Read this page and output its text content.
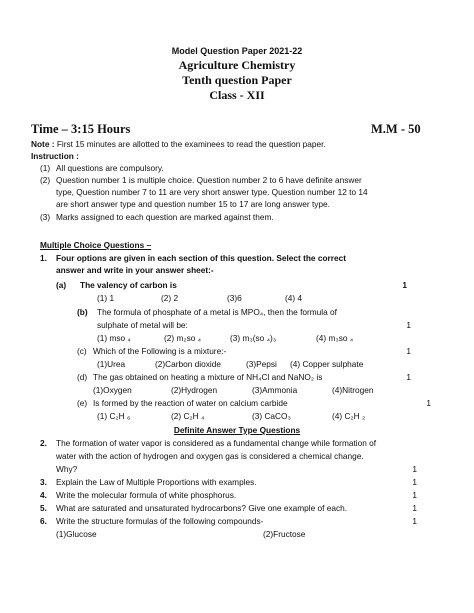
Model Question Paper 2021-22
Agriculture Chemistry
Tenth question Paper
Class - XII
Time – 3:15 Hours	M.M - 50
Note : First 15 minutes are allotted to the examinees to read the question paper.
Instruction :
(1) All questions are compulsory.
(2) Question number 1 is multiple choice. Question number 2 to 6 have definite answer
type, Question number 7 to 11 are very short answer type. Question number 12 to 14
are short answer type and question number 15 to 17 are long answer type.
(3) Marks assigned to each question are marked against them.
Multiple Choice Questions –
1. Four options are given in each section of this question. Select the correct
answer and write in your answer sheet:-
(a) The valency of carbon is	1
(1) 1	(2) 2	(3)6	(4) 4
(b) The formula of phosphate of a metal is MPO₄, then the formula of
sulphate of metal will be:	1
(1) mso ₄	(2) m₂so ₄	(3) m₃(so ₄)₃	(4) m₃so ₄
(c) Which of the Following is a mixture:-	1
(1)Urea	(2)Carbon dioxide	(3)Pepsi (4) Copper sulphate
(d) The gas obtained on heating a mixture of NH₄Cl and NaNO₂ is	1
(1)Oxygen	(2)Hydrogen	(3)Ammonia	(4)Nitrogen
(e) Is formed by the reaction of water on calcium carbide	1
(1) C₂H ₆	(2) C₂H ₄	(3) CaCO₃	(4) C₂H ₂
Definite Answer Type Questions
2. The formation of water vapor is considered as a fundamental change while formation of
water with the action of hydrogen and oxygen gas is considered a chemical change.
Why?	1
3. Explain the Law of Multiple Proportions with examples.	1
4. Write the molecular formula of white phosphorus.	1
5. What are saturated and unsaturated hydrocarbons? Give one example of each.	1
6. Write the structure formulas of the following compounds-	1
(1)Glucose	(2)Fructose
